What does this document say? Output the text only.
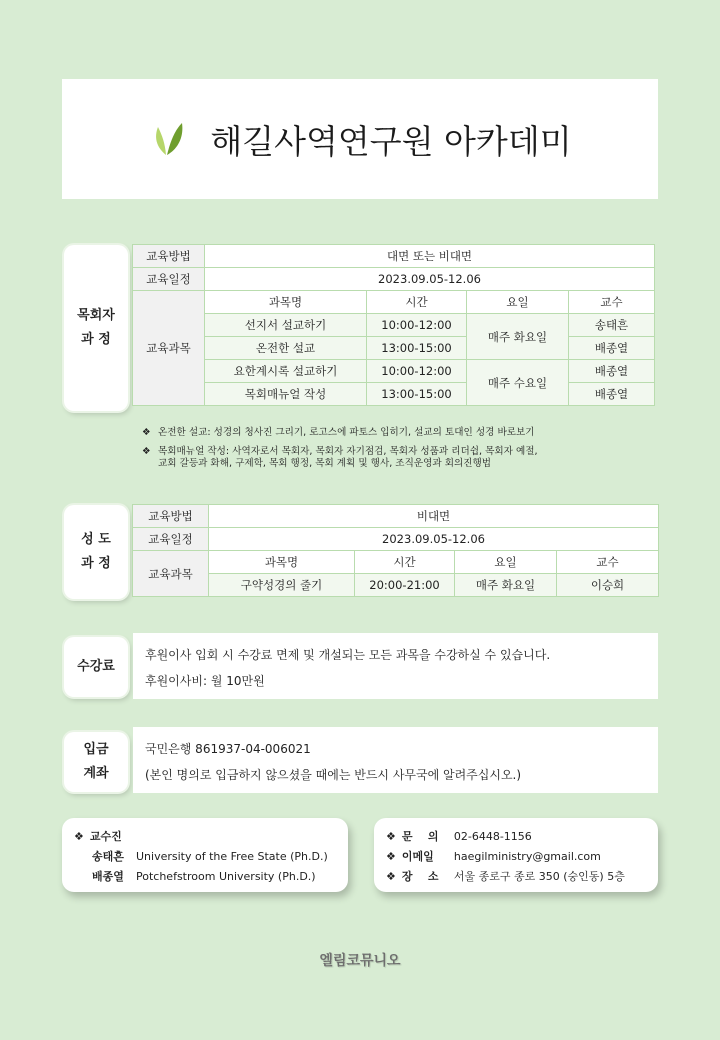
해길사역연구원 아카데미
목회자
과 정
교육방법	대면 또는 비대면			
교육일정	2023.09.05-12.06			
교육과목	과목명	시간	요일	교수
	선지서 설교하기	10:00-12:00	매주 화요일	송태흔
	온전한 설교	13:00-15:00		배종열
	요한계시록 설교하기	10:00-12:00	매주 수요일	배종열
	목회매뉴얼 작성	13:00-15:00		배종열
❖ 온전한 설교: 성경의 청사진 그리기, 로고스에 파토스 입히기, 설교의 토대인 성경 바로보기
❖ 목회매뉴얼 작성: 사역자로서 목회자, 목회자 자기점검, 목회자 성품과 리더쉽, 목회자 예절,
교회 갈등과 화해, 구제학, 목회 행정, 목회 계획 및 행사, 조직운영과 회의진행법
성 도
과 정
교육방법	비대면			
교육일정	2023.09.05-12.06			
교육과목	과목명	시간	요일	교수
	구약성경의 줄기	20:00-21:00	매주 화요일	이승희
수강료
후원이사 입회 시 수강료 면제 및 개설되는 모든 과목을 수강하실 수 있습니다.
후원이사비: 월 10만원
입금
계좌
국민은행 861937-04-006021
(본인 명의로 입금하지 않으셨을 때에는 반드시 사무국에 알려주십시오.)
❖ 교수진
송태흔	University of the Free State (Ph.D.)
배종열	Potchefstroom University (Ph.D.)
❖ 문    의	02-6448-1156
❖ 이메일	haegilministry@gmail.com
❖ 장    소	서울 종로구 종로 350 (숭인동) 5층
엘림코뮤니오
